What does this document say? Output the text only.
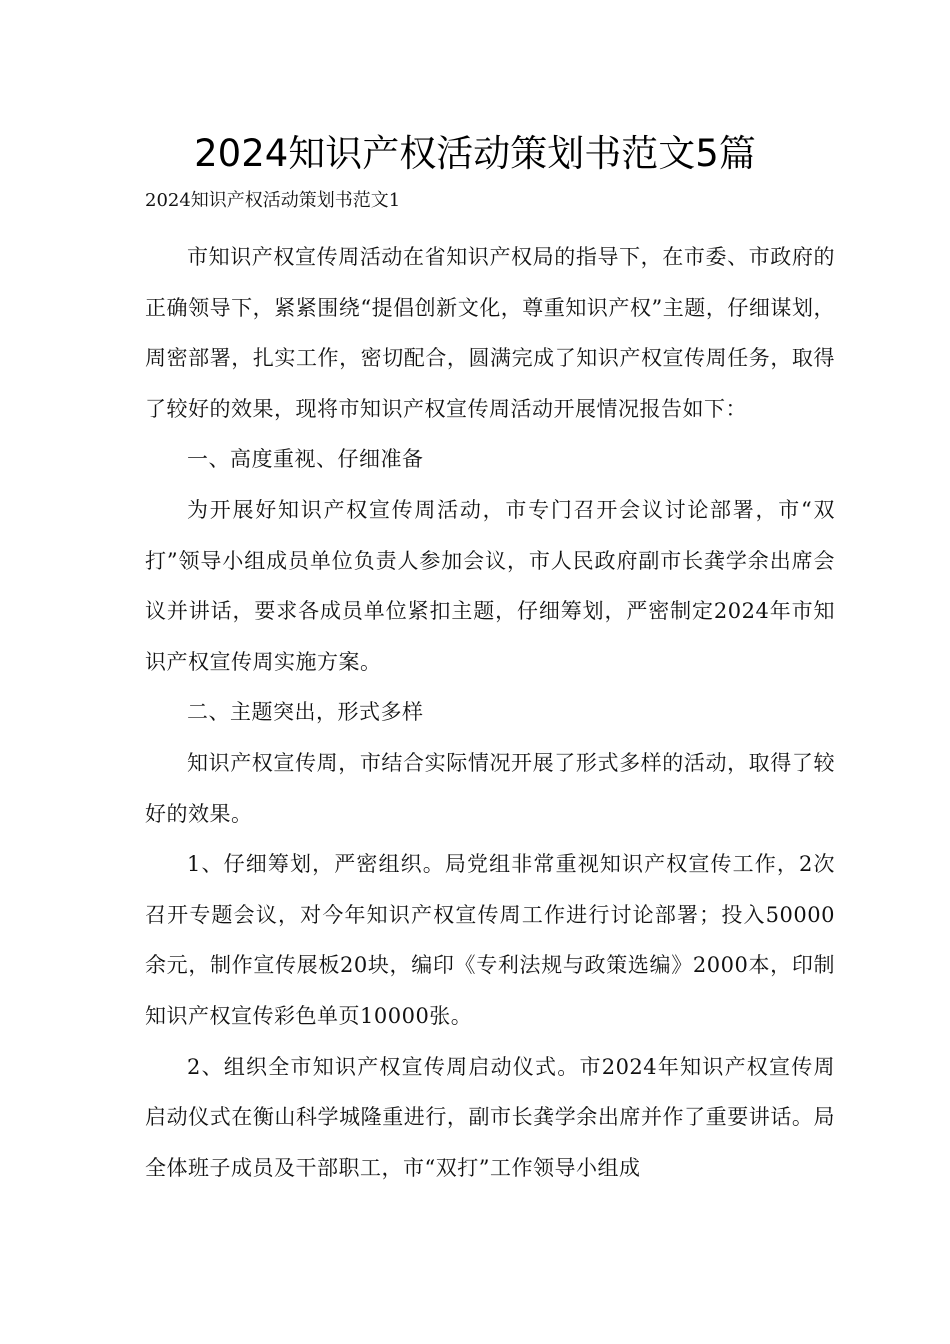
2024知识产权活动策划书范文5篇
2024知识产权活动策划书范文1

市知识产权宣传周活动在省知识产权局的指导下，在市委、市政府的正确领导下，紧紧围绕“提倡创新文化，尊重知识产权”主题，仔细谋划，周密部署，扎实工作，密切配合，圆满完成了知识产权宣传周任务，取得了较好的效果，现将市知识产权宣传周活动开展情况报告如下：

一、高度重视、仔细准备

为开展好知识产权宣传周活动，市专门召开会议讨论部署，市“双打”领导小组成员单位负责人参加会议，市人民政府副市长龚学余出席会议并讲话，要求各成员单位紧扣主题，仔细筹划，严密制定2024年市知识产权宣传周实施方案。

二、主题突出，形式多样

知识产权宣传周，市结合实际情况开展了形式多样的活动，取得了较好的效果。

1、仔细筹划，严密组织。局党组非常重视知识产权宣传工作，2次召开专题会议，对今年知识产权宣传周工作进行讨论部署；投入50000余元，制作宣传展板20块，编印《专利法规与政策选编》2000本，印制知识产权宣传彩色单页10000张。

2、组织全市知识产权宣传周启动仪式。市2024年知识产权宣传周启动仪式在衡山科学城隆重进行，副市长龚学余出席并作了重要讲话。局全体班子成员及干部职工，市“双打”工作领导小组成
